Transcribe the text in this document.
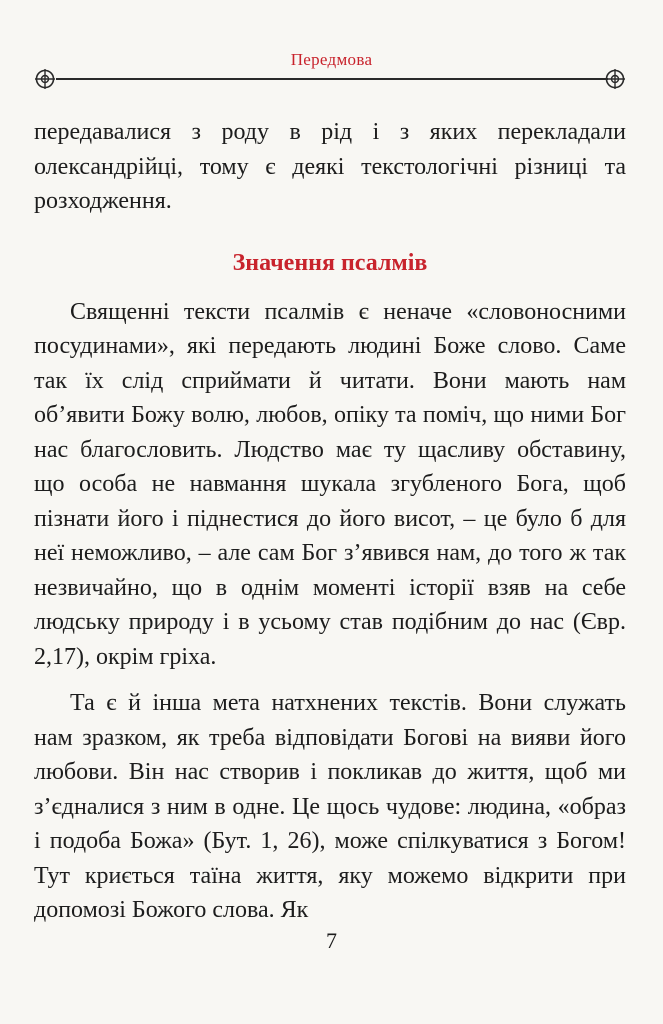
Передмова

передавалися з роду в рід і з яких перекладали олександрійці, тому є деякі текстологічні різниці та розходження.

Значення псалмів

Священні тексти псалмів є неначе «словоносними посудинами», які передають людині Боже слово. Саме так їх слід сприймати й читати. Вони мають нам об’явити Божу волю, любов, опіку та поміч, що ними Бог нас благословить. Людство має ту щасливу обставину, що особа не навмання шукала згубленого Бога, щоб пізнати його і піднестися до його висот, – це було б для неї неможливо, – але сам Бог з’явився нам, до того ж так незвичайно, що в однім моменті історії взяв на себе людську природу і в усьому став подібним до нас (Євр. 2,17), окрім гріха.

Та є й інша мета натхнених текстів. Вони служать нам зразком, як треба відповідати Богові на вияви його любови. Він нас створив і покликав до життя, щоб ми з’єдналися з ним в одне. Це щось чудове: людина, «образ і подоба Божа» (Бут. 1, 26), може спілкуватися з Богом! Тут криється таїна життя, яку можемо відкрити при допомозі Божого слова. Як

7
